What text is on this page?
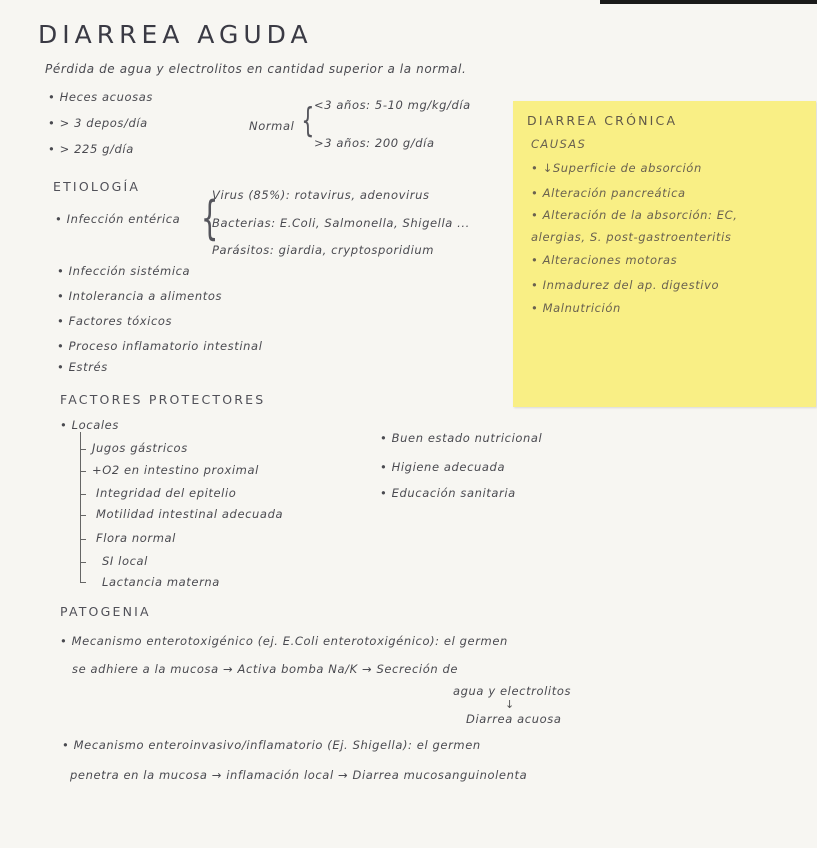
DIARREA AGUDA
Pérdida de agua y electrolitos en cantidad superior a la normal.
• Heces acuosas
• > 3 depos/día
• > 225 g/día
Normal { <3 años: 5-10 mg/kg/día
>3 años: 200 g/día
ETIOLOGÍA
• Infección entérica {
Virus (85%): rotavirus, adenovirus
Bacterias: E.Coli, Salmonella, Shigella ...
Parásitos: giardia, cryptosporidium
• Infección sistémica
• Intolerancia a alimentos
• Factores tóxicos
• Proceso inflamatorio intestinal
• Estrés
FACTORES PROTECTORES
• Locales
Jugos gástricos
+O2 en intestino proximal
Integridad del epitelio
Motilidad intestinal adecuada
Flora normal
SI local
Lactancia materna
• Buen estado nutricional
• Higiene adecuada
• Educación sanitaria
PATOGENIA
• Mecanismo enterotoxigénico (ej. E.Coli enterotoxigénico): el germen
se adhiere a la mucosa → Activa bomba Na/K → Secreción de
agua y electrolitos
↓
Diarrea acuosa
• Mecanismo enteroinvasivo/inflamatorio (Ej. Shigella): el germen
penetra en la mucosa → inflamación local → Diarrea mucosanguinolenta
DIARREA CRÓNICA
CAUSAS
• ↓Superficie de absorción
• Alteración pancreática
• Alteración de la absorción: EC,
alergias, S. post-gastroenteritis
• Alteraciones motoras
• Inmadurez del ap. digestivo
• Malnutrición
